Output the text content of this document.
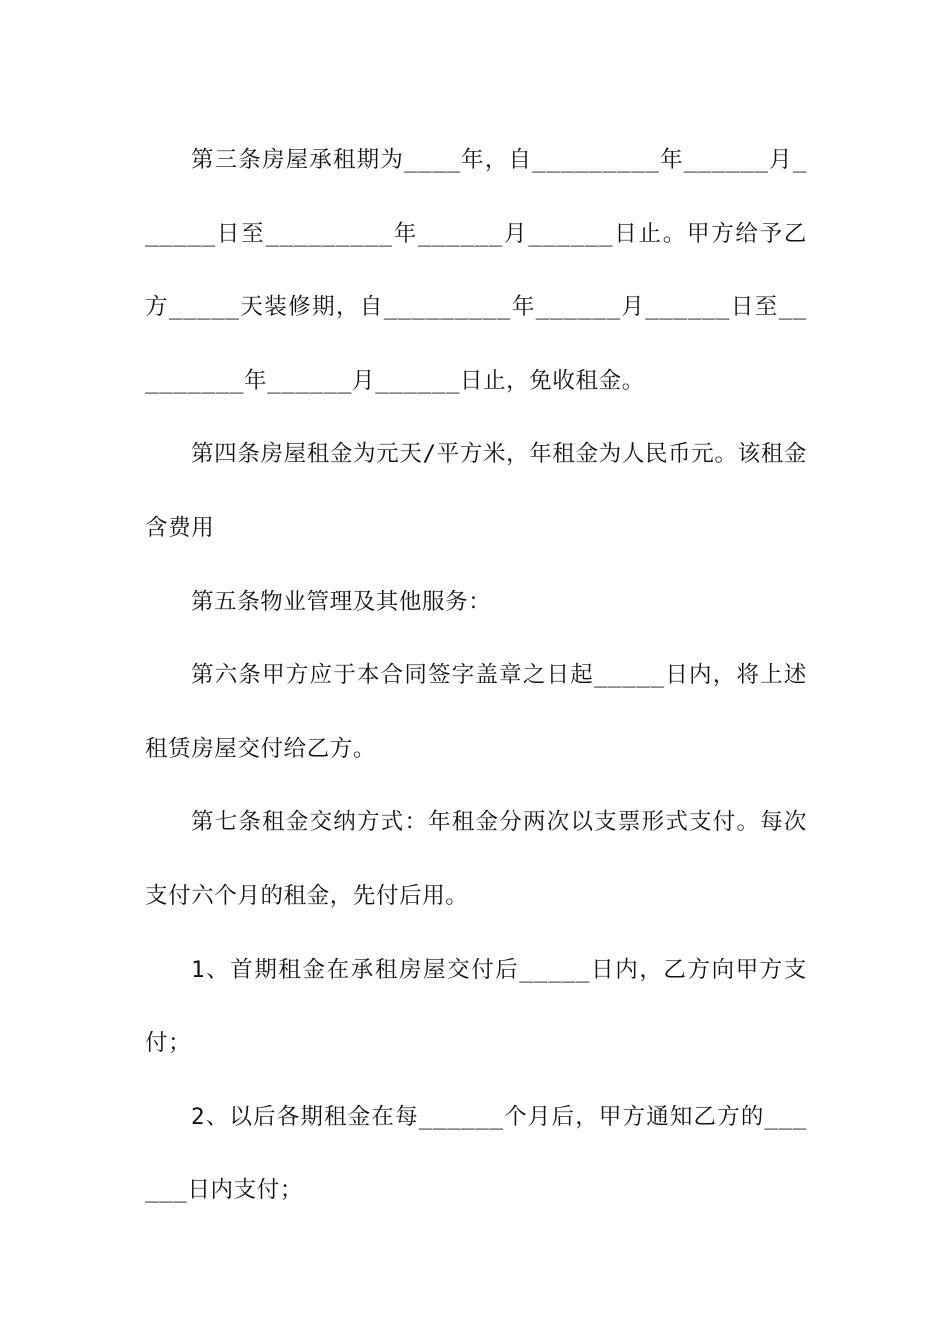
第三条房屋承租期为____年，自_________年______月______日至_________年______月______日止。甲方给予乙方_____天装修期，自_________年______月______日至_________年______月______日止，免收租金。

第四条房屋租金为元天/平方米，年租金为人民币元。该租金含费用

第五条物业管理及其他服务：

第六条甲方应于本合同签字盖章之日起_____日内，将上述租赁房屋交付给乙方。

第七条租金交纳方式：年租金分两次以支票形式支付。每次支付六个月的租金，先付后用。

1、首期租金在承租房屋交付后_____日内，乙方向甲方支付；

2、以后各期租金在每______个月后，甲方通知乙方的______日内支付；
